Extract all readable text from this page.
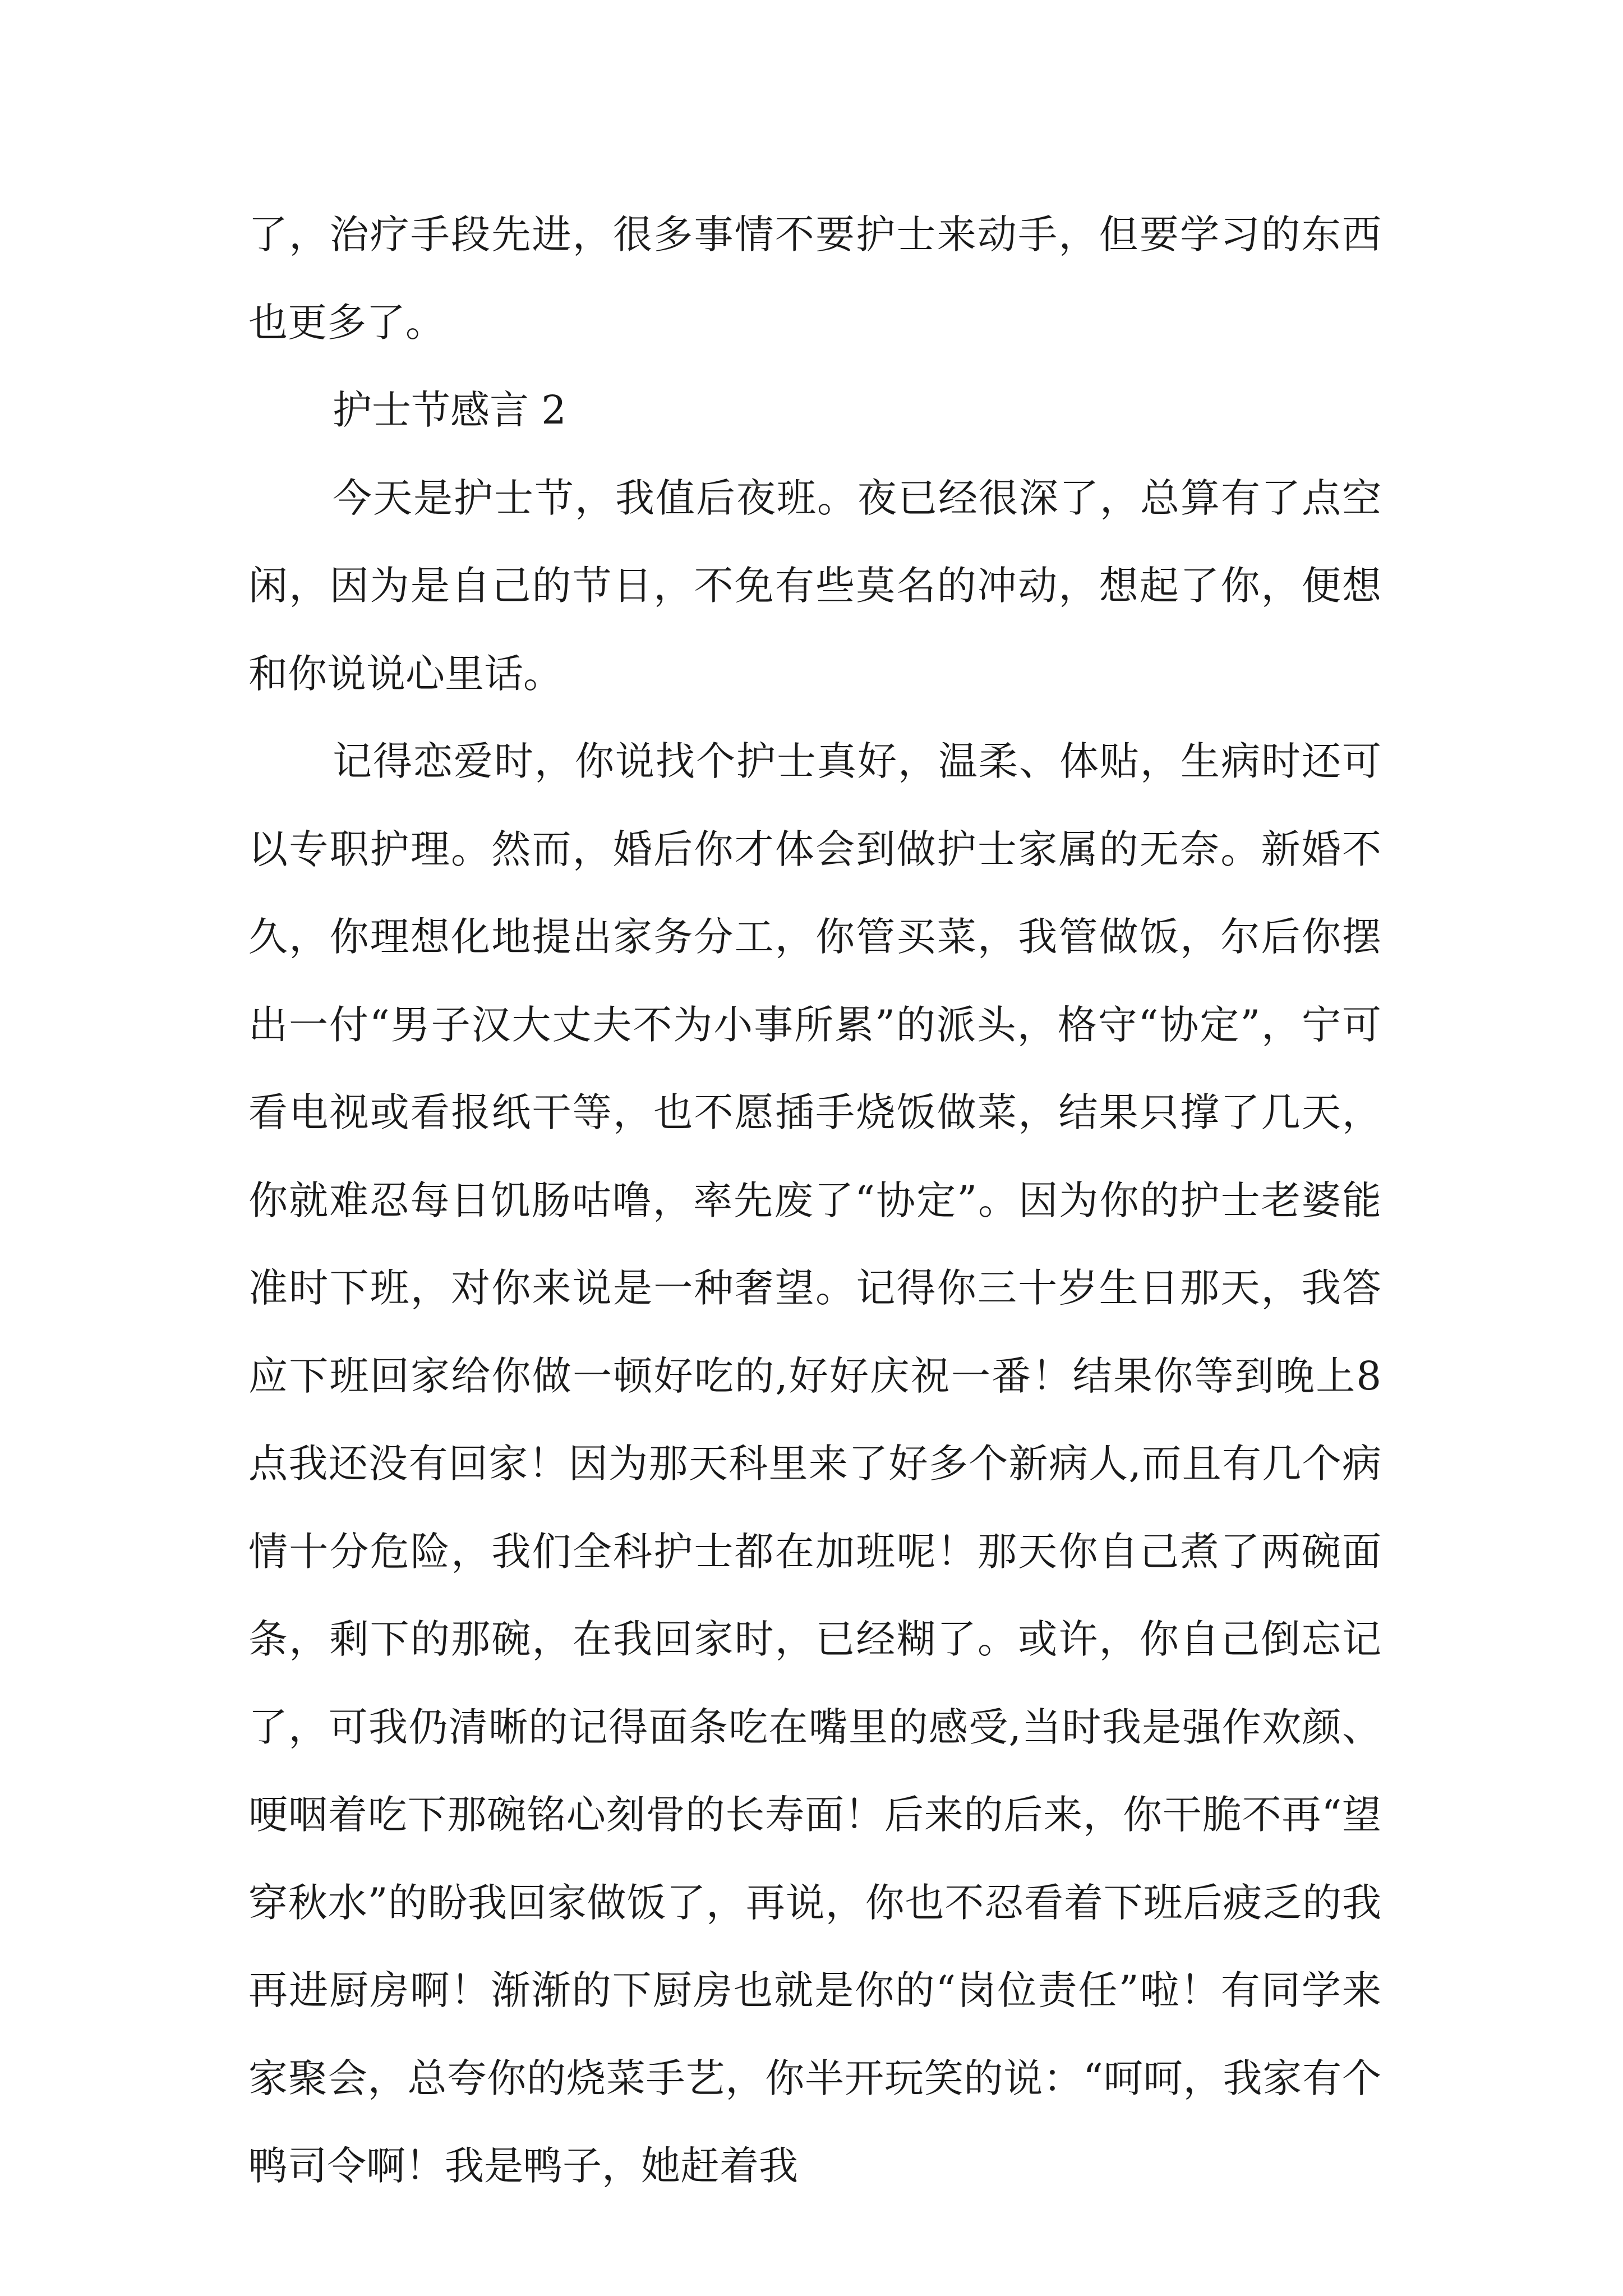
了，治疗手段先进，很多事情不要护士来动手，但要学习的东西也更多了。

护士节感言 2

今天是护士节，我值后夜班。夜已经很深了，总算有了点空闲，因为是自己的节日，不免有些莫名的冲动，想起了你，便想和你说说心里话。

记得恋爱时，你说找个护士真好，温柔、体贴，生病时还可以专职护理。然而，婚后你才体会到做护士家属的无奈。新婚不久，你理想化地提出家务分工，你管买菜，我管做饭，尔后你摆出一付“男子汉大丈夫不为小事所累”的派头，格守“协定”，宁可看电视或看报纸干等，也不愿插手烧饭做菜，结果只撑了几天，你就难忍每日饥肠咕噜，率先废了“协定”。因为你的护士老婆能准时下班，对你来说是一种奢望。记得你三十岁生日那天，我答应下班回家给你做一顿好吃的,好好庆祝一番！结果你等到晚上8点我还没有回家！因为那天科里来了好多个新病人,而且有几个病情十分危险，我们全科护士都在加班呢！那天你自己煮了两碗面条，剩下的那碗，在我回家时，已经糊了。或许，你自己倒忘记了，可我仍清晰的记得面条吃在嘴里的感受,当时我是强作欢颜、哽咽着吃下那碗铭心刻骨的长寿面！后来的后来，你干脆不再“望穿秋水”的盼我回家做饭了，再说，你也不忍看着下班后疲乏的我再进厨房啊！渐渐的下厨房也就是你的“岗位责任”啦！有同学来家聚会，总夸你的烧菜手艺，你半开玩笑的说：“呵呵，我家有个鸭司令啊！我是鸭子，她赶着我
